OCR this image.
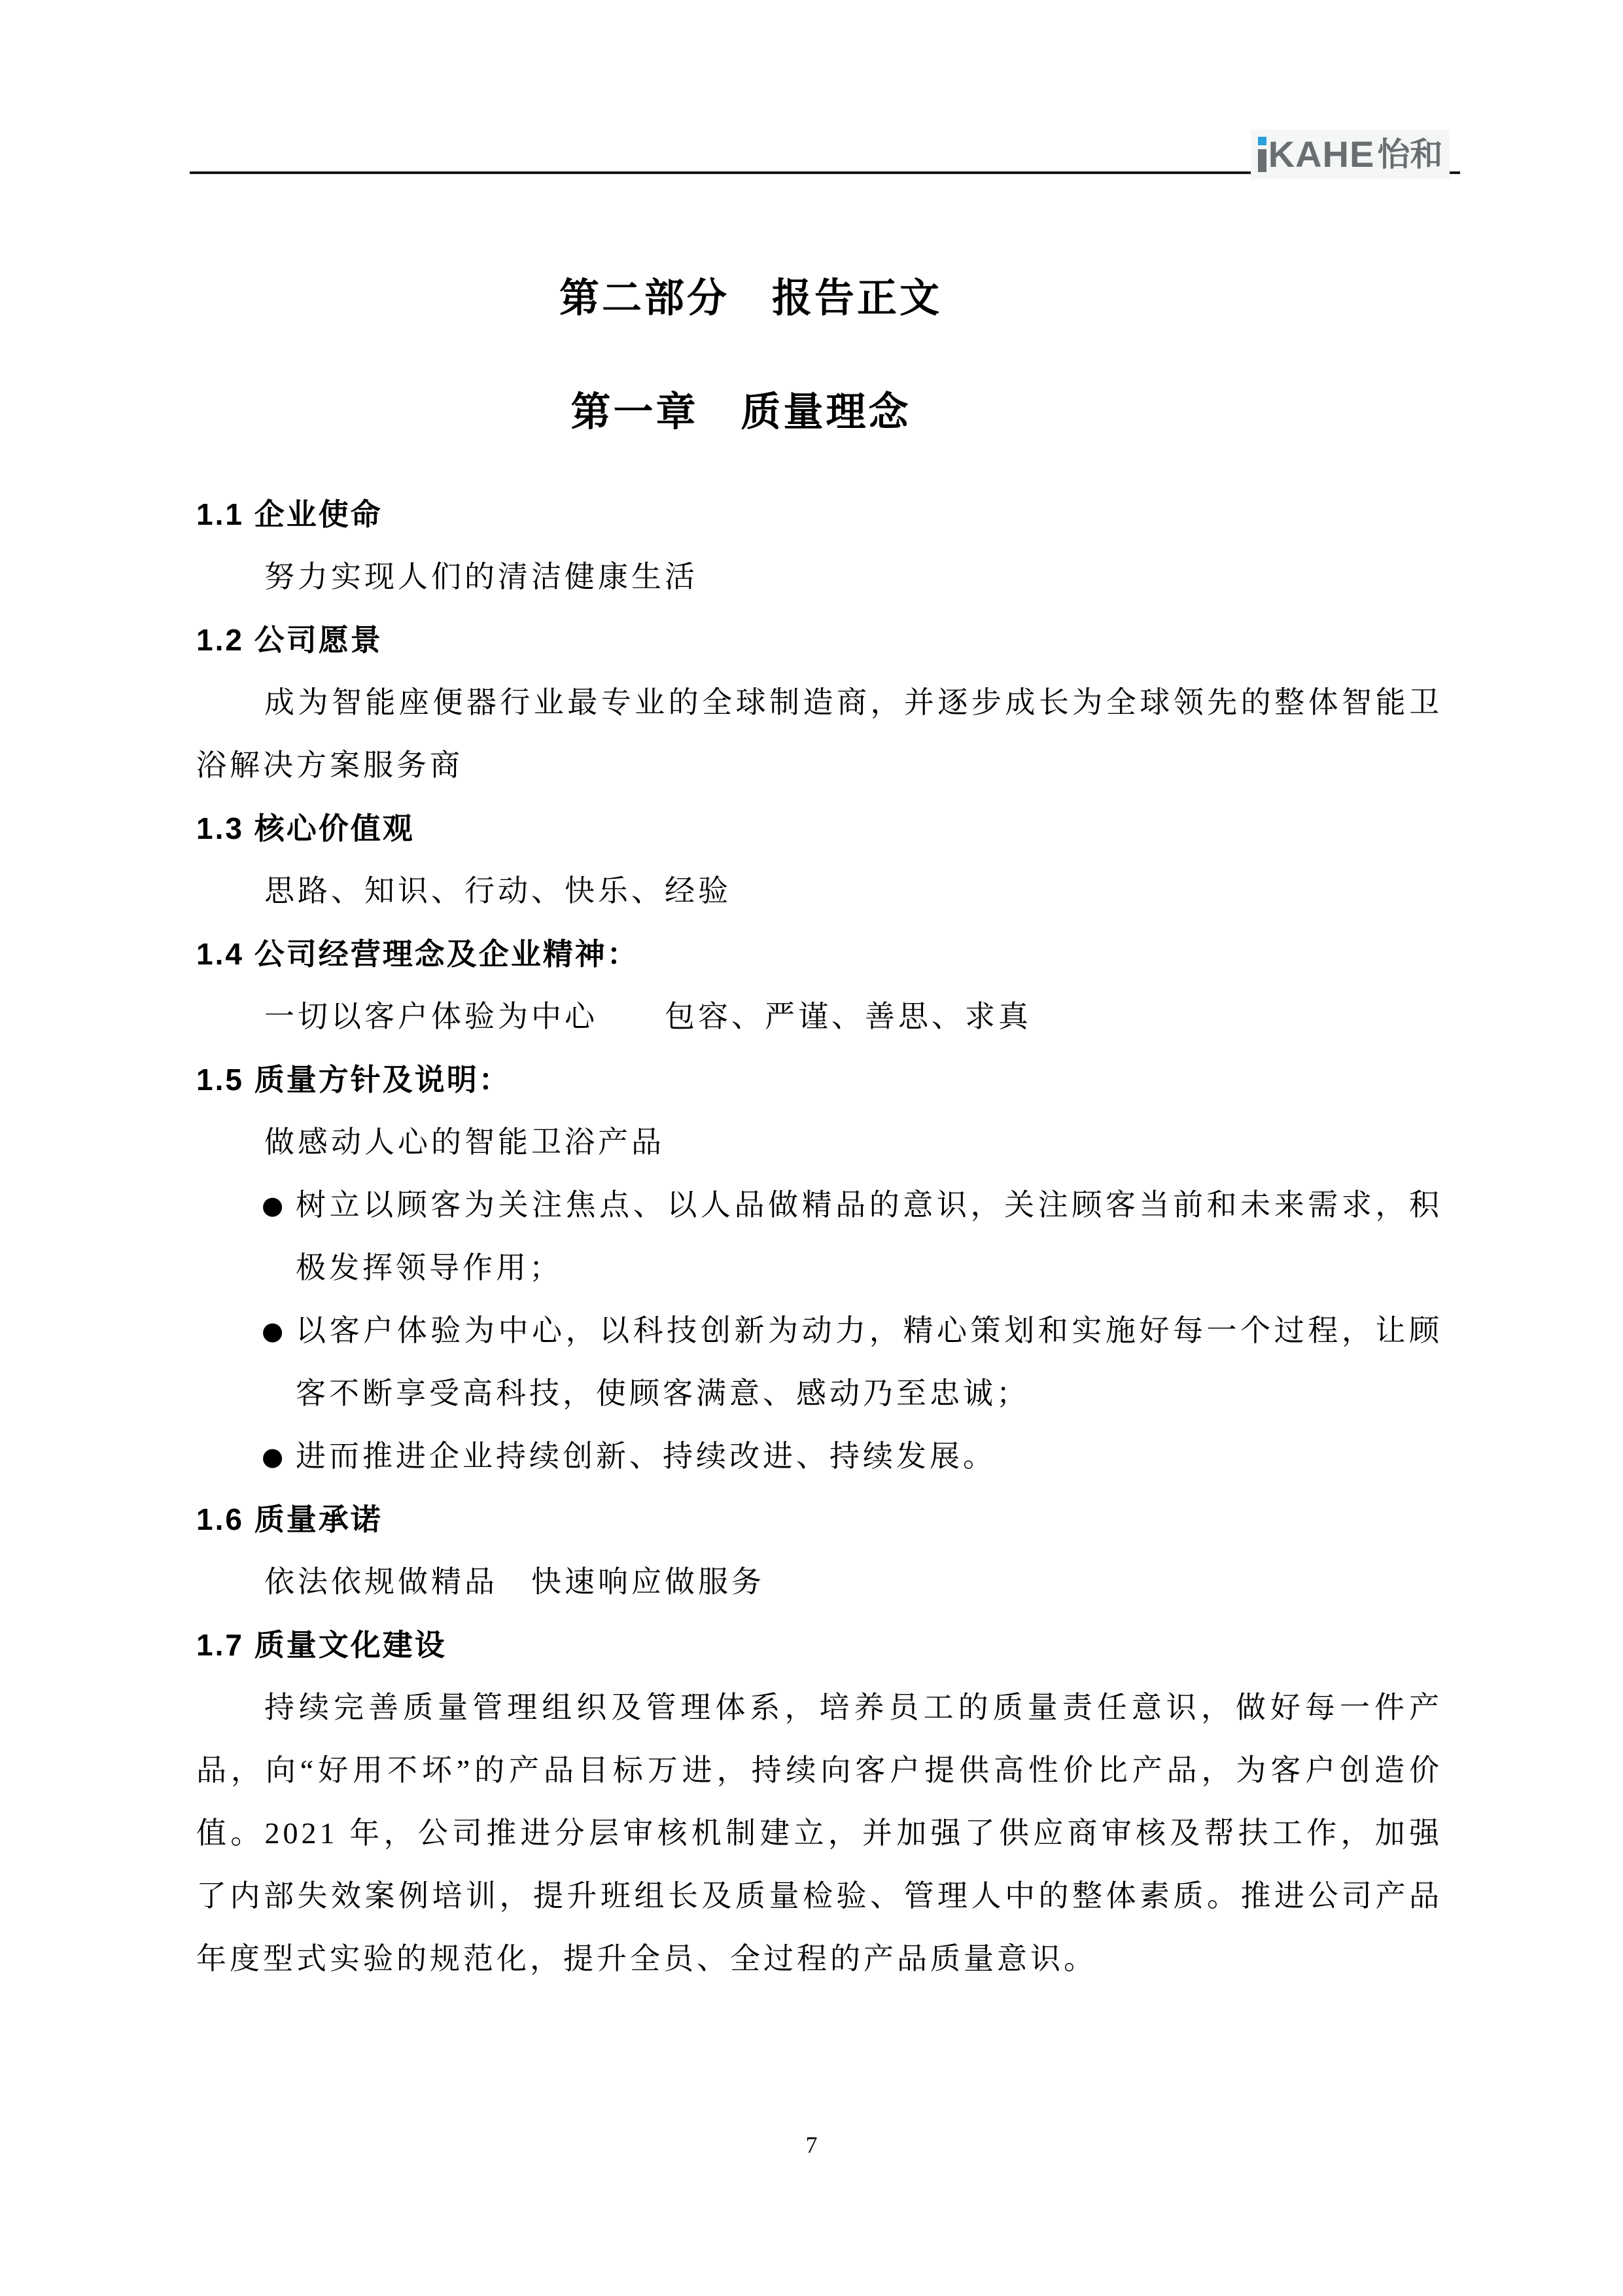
KAHE 怡和
第二部分　报告正文
第一章　质量理念
1.1 企业使命

努力实现人们的清洁健康生活

1.2 公司愿景

成为智能座便器行业最专业的全球制造商，并逐步成长为全球领先的整体智能卫浴解决方案服务商

1.3 核心价值观

思路、知识、行动、快乐、经验

1.4 公司经营理念及企业精神：

一切以客户体验为中心　　包容、严谨、善思、求真

1.5 质量方针及说明：

做感动人心的智能卫浴产品

● 树立以顾客为关注焦点、以人品做精品的意识，关注顾客当前和未来需求，积极发挥领导作用；
● 以客户体验为中心，以科技创新为动力，精心策划和实施好每一个过程，让顾客不断享受高科技，使顾客满意、感动乃至忠诚；
● 进而推进企业持续创新、持续改进、持续发展。
1.6 质量承诺

依法依规做精品　快速响应做服务

1.7 质量文化建设

持续完善质量管理组织及管理体系，培养员工的质量责任意识，做好每一件产品，向“好用不坏”的产品目标万进，持续向客户提供高性价比产品，为客户创造价值。2021 年，公司推进分层审核机制建立，并加强了供应商审核及帮扶工作，加强了内部失效案例培训，提升班组长及质量检验、管理人中的整体素质。推进公司产品年度型式实验的规范化，提升全员、全过程的产品质量意识。

7
